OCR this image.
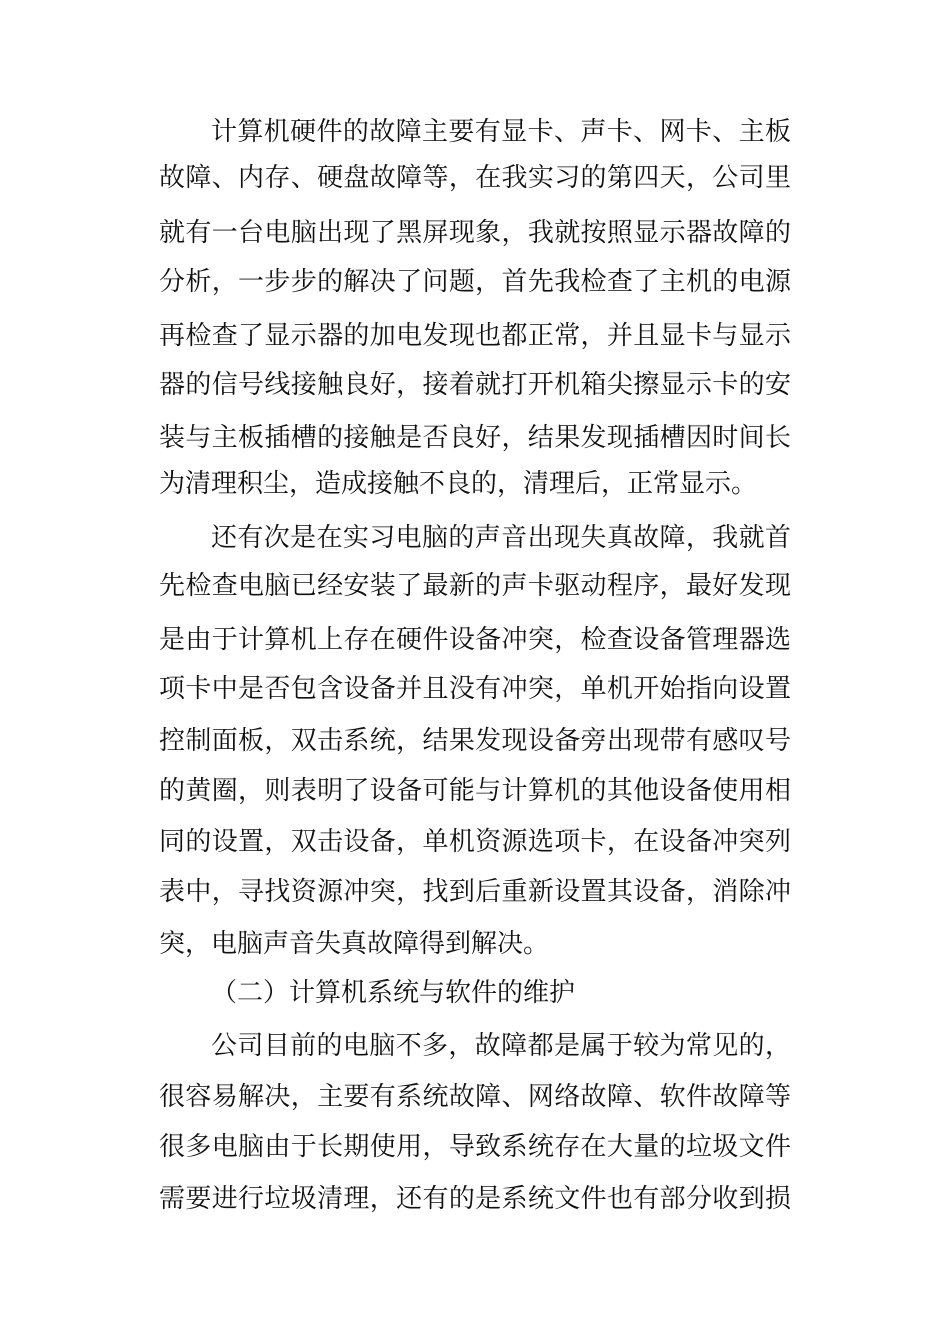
计算机硬件的故障主要有显卡、声卡、网卡、主板
故障、内存、硬盘故障等，在我实习的第四天，公司里
就有一台电脑出现了黑屏现象，我就按照显示器故障的
分析，一步步的解决了问题，首先我检查了主机的电源
再检查了显示器的加电发现也都正常，并且显卡与显示
器的信号线接触良好，接着就打开机箱尖擦显示卡的安
装与主板插槽的接触是否良好，结果发现插槽因时间长
为清理积尘，造成接触不良的，清理后，正常显示。
还有次是在实习电脑的声音出现失真故障，我就首
先检查电脑已经安装了最新的声卡驱动程序，最好发现
是由于计算机上存在硬件设备冲突，检查设备管理器选
项卡中是否包含设备并且没有冲突，单机开始指向设置
控制面板，双击系统，结果发现设备旁出现带有感叹号
的黄圈，则表明了设备可能与计算机的其他设备使用相
同的设置，双击设备，单机资源选项卡，在设备冲突列
表中，寻找资源冲突，找到后重新设置其设备，消除冲
突，电脑声音失真故障得到解决。
（二）计算机系统与软件的维护
公司目前的电脑不多，故障都是属于较为常见的，
很容易解决，主要有系统故障、网络故障、软件故障等
很多电脑由于长期使用，导致系统存在大量的垃圾文件
需要进行垃圾清理，还有的是系统文件也有部分收到损
